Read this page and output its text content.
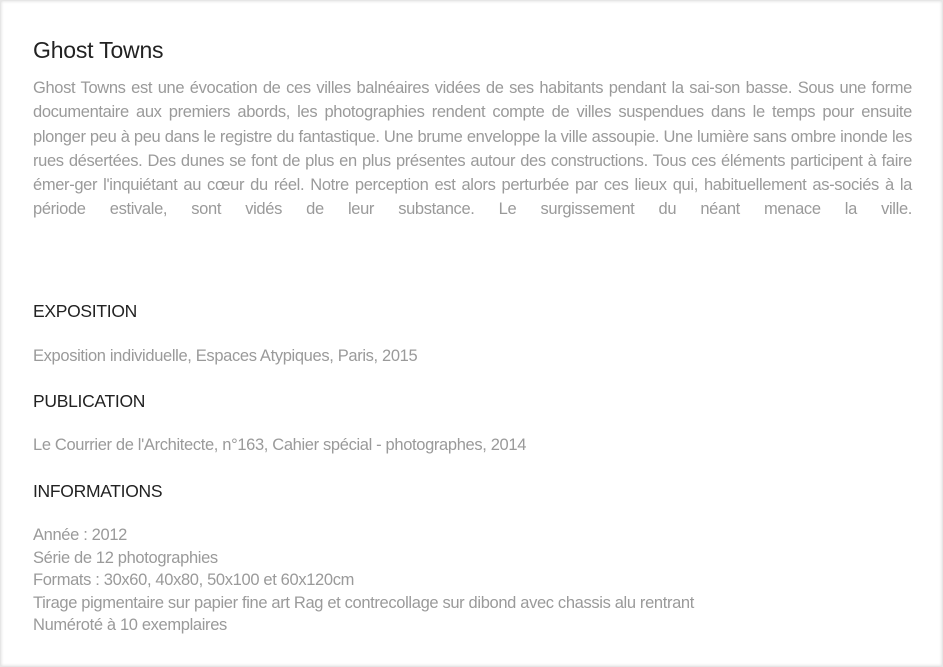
Ghost Towns

Ghost Towns est une évocation de ces villes balnéaires vidées de ses habitants pendant la sai-son basse. Sous une forme documentaire aux premiers abords, les photographies rendent compte de villes suspendues dans le temps pour ensuite plonger peu à peu dans le registre du fantastique. Une brume enveloppe la ville assoupie. Une lumière sans ombre inonde les rues désertées. Des dunes se font de plus en plus présentes autour des constructions. Tous ces éléments participent à faire émer-ger l'inquiétant au cœur du réel. Notre perception est alors perturbée par ces lieux qui, habituellement as-sociés à la période estivale, sont vidés de leur substance. Le surgissement du néant menace la ville.

EXPOSITION

Exposition individuelle, Espaces Atypiques, Paris, 2015

PUBLICATION

Le Courrier de l'Architecte, n°163, Cahier spécial - photographes, 2014

INFORMATIONS
Année : 2012
Série de 12 photographies
Formats : 30x60, 40x80, 50x100 et 60x120cm
Tirage pigmentaire sur papier fine art Rag et contrecollage sur dibond avec chassis alu rentrant
Numéroté à 10 exemplaires
